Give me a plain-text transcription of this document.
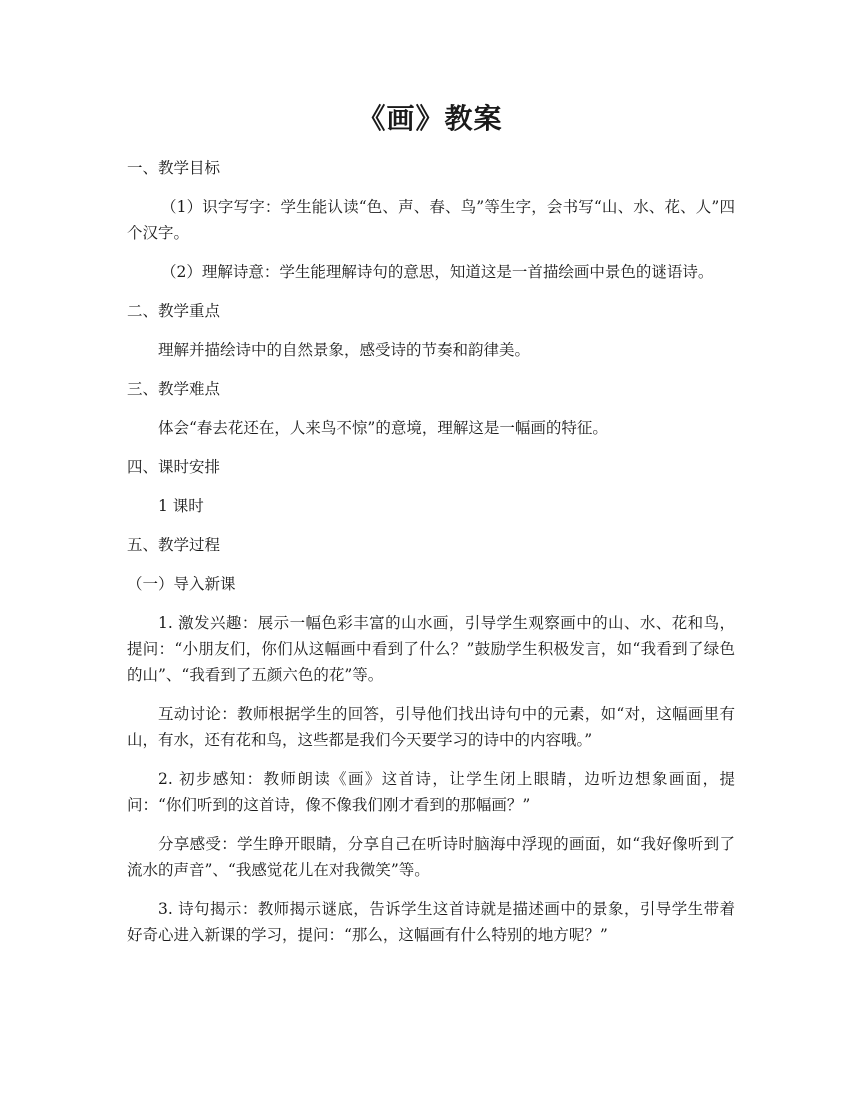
《画》教案
一、教学目标
（1）识字写字：学生能认读“色、声、春、鸟”等生字，会书写“山、水、花、人”四个汉字。
（2）理解诗意：学生能理解诗句的意思，知道这是一首描绘画中景色的谜语诗。
二、教学重点
理解并描绘诗中的自然景象，感受诗的节奏和韵律美。
三、教学难点
体会“春去花还在，人来鸟不惊”的意境，理解这是一幅画的特征。
四、课时安排
1 课时
五、教学过程
（一）导入新课
1. 激发兴趣：展示一幅色彩丰富的山水画，引导学生观察画中的山、水、花和鸟，提问：“小朋友们，你们从这幅画中看到了什么？”鼓励学生积极发言，如“我看到了绿色的山”、“我看到了五颜六色的花”等。
互动讨论：教师根据学生的回答，引导他们找出诗句中的元素，如“对，这幅画里有山，有水，还有花和鸟，这些都是我们今天要学习的诗中的内容哦。”
2. 初步感知：教师朗读《画》这首诗，让学生闭上眼睛，边听边想象画面，提问：“你们听到的这首诗，像不像我们刚才看到的那幅画？”
分享感受：学生睁开眼睛，分享自己在听诗时脑海中浮现的画面，如“我好像听到了流水的声音”、“我感觉花儿在对我微笑”等。
3. 诗句揭示：教师揭示谜底，告诉学生这首诗就是描述画中的景象，引导学生带着好奇心进入新课的学习，提问：“那么，这幅画有什么特别的地方呢？”
